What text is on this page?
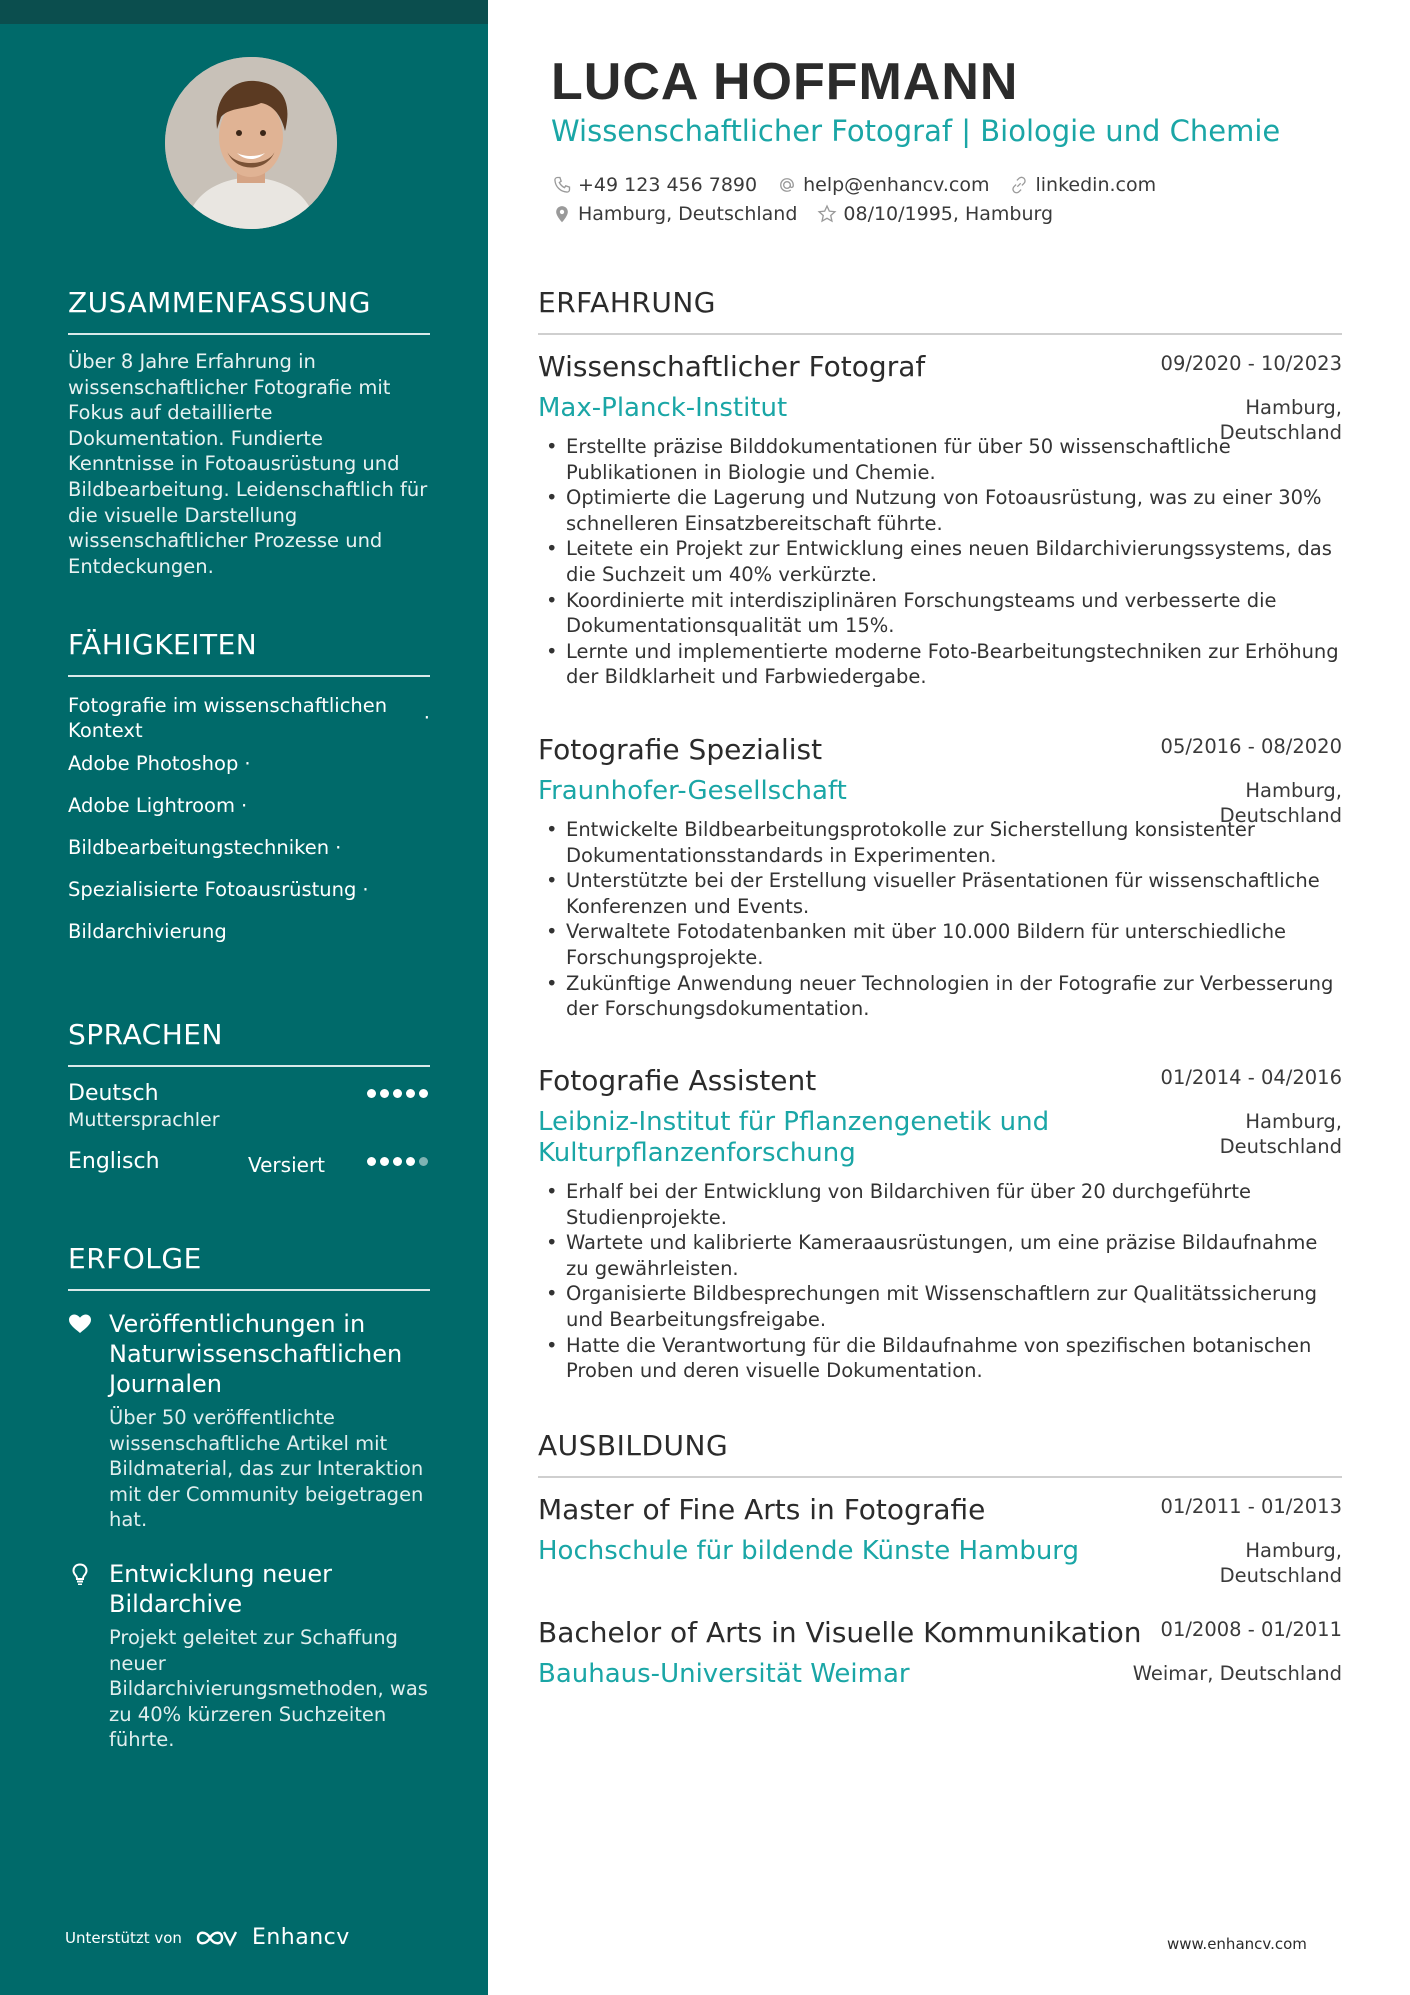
ZUSAMMENFASSUNG
Über 8 Jahre Erfahrung in wissenschaftlicher Fotografie mit Fokus auf detaillierte Dokumentation. Fundierte Kenntnisse in Fotoausrüstung und Bildbearbeitung. Leidenschaftlich für die visuelle Darstellung wissenschaftlicher Prozesse und Entdeckungen.
FÄHIGKEITEN
Fotografie im wissenschaftlichen Kontext
·
Adobe Photoshop ·
Adobe Lightroom ·
Bildbearbeitungstechniken ·
Spezialisierte Fotoausrüstung ·
Bildarchivierung
SPRACHEN
Deutsch
Muttersprachler
Englisch	Versiert
ERFOLGE
Veröffentlichungen in Naturwissenschaftlichen Journalen
Über 50 veröffentlichte wissenschaftliche Artikel mit Bildmaterial, das zur Interaktion mit der Community beigetragen hat.
Entwicklung neuer Bildarchive
Projekt geleitet zur Schaffung neuer Bildarchivierungsmethoden, was zu 40% kürzeren Suchzeiten führte.
Unterstützt von	Enhancv
LUCA HOFFMANN
Wissenschaftlicher Fotograf | Biologie und Chemie
+49 123 456 7890 help@enhancv.com linkedin.com
Hamburg, Deutschland 08/10/1995, Hamburg
ERFAHRUNG
Wissenschaftlicher Fotograf	09/2020 - 10/2023
Max-Planck-Institut	Hamburg, Deutschland
• Erstellte präzise Bilddokumentationen für über 50 wissenschaftliche Publikationen in Biologie und Chemie.
• Optimierte die Lagerung und Nutzung von Fotoausrüstung, was zu einer 30% schnelleren Einsatzbereitschaft führte.
• Leitete ein Projekt zur Entwicklung eines neuen Bildarchivierungssystems, das die Suchzeit um 40% verkürzte.
• Koordinierte mit interdisziplinären Forschungsteams und verbesserte die Dokumentationsqualität um 15%.
• Lernte und implementierte moderne Foto-Bearbeitungstechniken zur Erhöhung der Bildklarheit und Farbwiedergabe.
Fotografie Spezialist	05/2016 - 08/2020
Fraunhofer-Gesellschaft	Hamburg, Deutschland
• Entwickelte Bildbearbeitungsprotokolle zur Sicherstellung konsistenter Dokumentationsstandards in Experimenten.
• Unterstützte bei der Erstellung visueller Präsentationen für wissenschaftliche Konferenzen und Events.
• Verwaltete Fotodatenbanken mit über 10.000 Bildern für unterschiedliche Forschungsprojekte.
• Zukünftige Anwendung neuer Technologien in der Fotografie zur Verbesserung der Forschungsdokumentation.
Fotografie Assistent	01/2014 - 04/2016
Leibniz-Institut für Pflanzengenetik und Kulturpflanzenforschung
Hamburg, Deutschland
• Erhalf bei der Entwicklung von Bildarchiven für über 20 durchgeführte Studienprojekte.
• Wartete und kalibrierte Kameraausrüstungen, um eine präzise Bildaufnahme zu gewährleisten.
• Organisierte Bildbesprechungen mit Wissenschaftlern zur Qualitätssicherung und Bearbeitungsfreigabe.
• Hatte die Verantwortung für die Bildaufnahme von spezifischen botanischen Proben und deren visuelle Dokumentation.
AUSBILDUNG
Master of Fine Arts in Fotografie	01/2011 - 01/2013
Hochschule für bildende Künste Hamburg	Hamburg, Deutschland
Bachelor of Arts in Visuelle Kommunikation 01/2008 - 01/2011
Bauhaus-Universität Weimar	Weimar, Deutschland
www.enhancv.com
